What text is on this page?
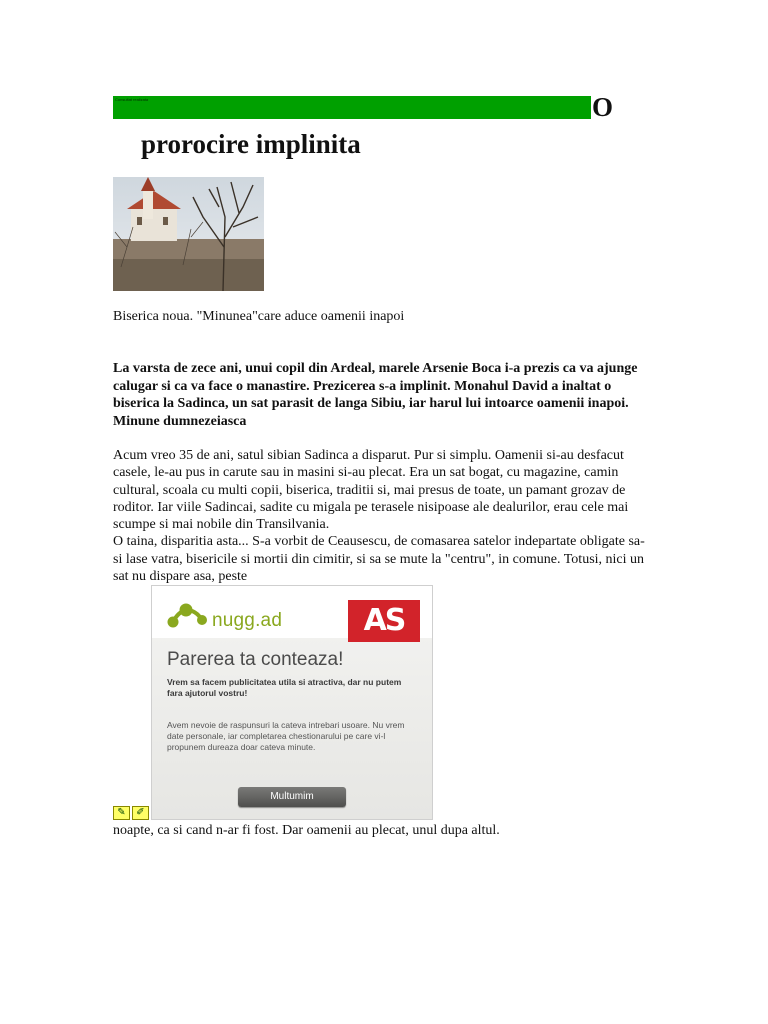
Consultat realizata	O
prorocire implinita
Biserica noua. "Minunea"care aduce oamenii inapoi
La varsta de zece ani, unui copil din Ardeal, marele Arsenie Boca i-a prezis ca va ajunge calugar si ca va face o manastire. Prezicerea s-a implinit. Monahul David a inaltat o biserica la Sadinca, un sat parasit de langa Sibiu, iar harul lui intoarce oamenii inapoi. Minune dumnezeiasca

Acum vreo 35 de ani, satul sibian Sadinca a disparut. Pur si simplu. Oamenii si-au desfacut casele, le-au pus in carute sau in masini si-au plecat. Era un sat bogat, cu magazine, camin cultural, scoala cu multi copii, biserica, traditii si, mai presus de toate, un pamant grozav de roditor. Iar viile Sadincai, sadite cu migala pe terasele nisipoase ale dealurilor, erau cele mai scumpe si mai nobile din Transilvania.

O taina, disparitia asta... S-a vorbit de Ceausescu, de comasarea satelor indepartate obligate sa-si lase vatra, bisericile si mortii din cimitir, si sa se mute la "centru", in comune. Totusi, nici un sat nu dispare asa, peste

nugg.ad	AS
Parerea ta conteaza!
Vrem sa facem publicitatea utila si atractiva, dar nu putem fara ajutorul vostru!
Avem nevoie de raspunsuri la cateva intrebari usoare. Nu vrem date personale, iar completarea chestionarului pe care vi-l propunem dureaza doar cateva minute.
Multumim
✎	✐
noapte, ca si cand n-ar fi fost. Dar oamenii au plecat, unul dupa altul.
